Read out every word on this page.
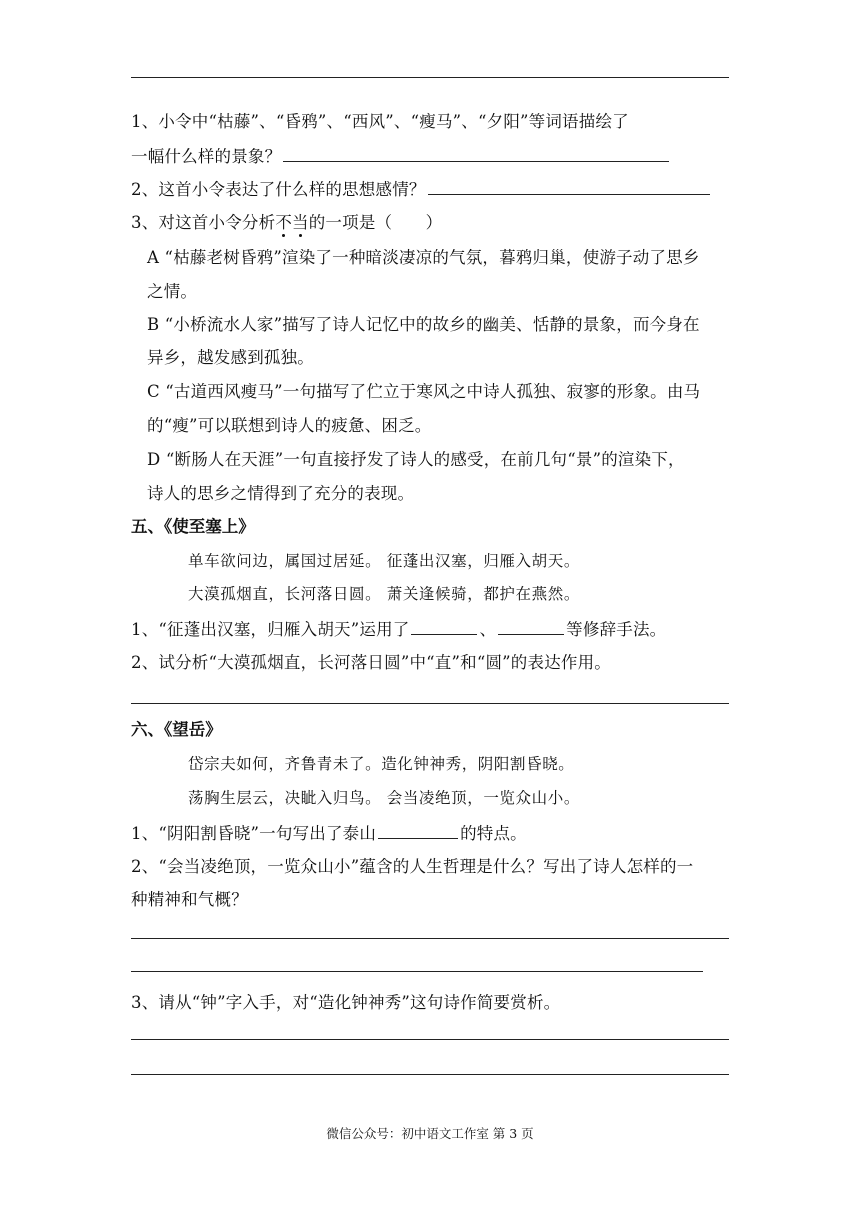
1、小令中“枯藤”、“昏鸦”、“西风”、“瘦马”、“夕阳”等词语描绘了
一幅什么样的景象？
2、这首小令表达了什么样的思想感情？
3、对这首小令分析不当的一项是（　　）
A “枯藤老树昏鸦”渲染了一种暗淡凄凉的气氛，暮鸦归巢，使游子动了思乡
之情。
B “小桥流水人家”描写了诗人记忆中的故乡的幽美、恬静的景象，而今身在
异乡，越发感到孤独。
C “古道西风瘦马”一句描写了伫立于寒风之中诗人孤独、寂寥的形象。由马
的“瘦”可以联想到诗人的疲惫、困乏。
D “断肠人在天涯”一句直接抒发了诗人的感受，在前几句“景”的渲染下，
诗人的思乡之情得到了充分的表现。
五、《使至塞上》
单车欲问边，属国过居延。 征蓬出汉塞，归雁入胡天。
大漠孤烟直，长河落日圆。 萧关逢候骑，都护在燕然。
1、“征蓬出汉塞，归雁入胡天”运用了	、	等修辞手法。
2、试分析“大漠孤烟直，长河落日圆”中“直”和“圆”的表达作用。
六、《望岳》
岱宗夫如何，齐鲁青未了。造化钟神秀，阴阳割昏晓。
荡胸生层云，决眦入归鸟。 会当凌绝顶，一览众山小。
1、“阴阳割昏晓”一句写出了泰山	的特点。
2、“会当凌绝顶，一览众山小”蕴含的人生哲理是什么？写出了诗人怎样的一
种精神和气概？
3、请从“钟”字入手，对“造化钟神秀”这句诗作简要赏析。
微信公众号：初中语文工作室 第 3 页
